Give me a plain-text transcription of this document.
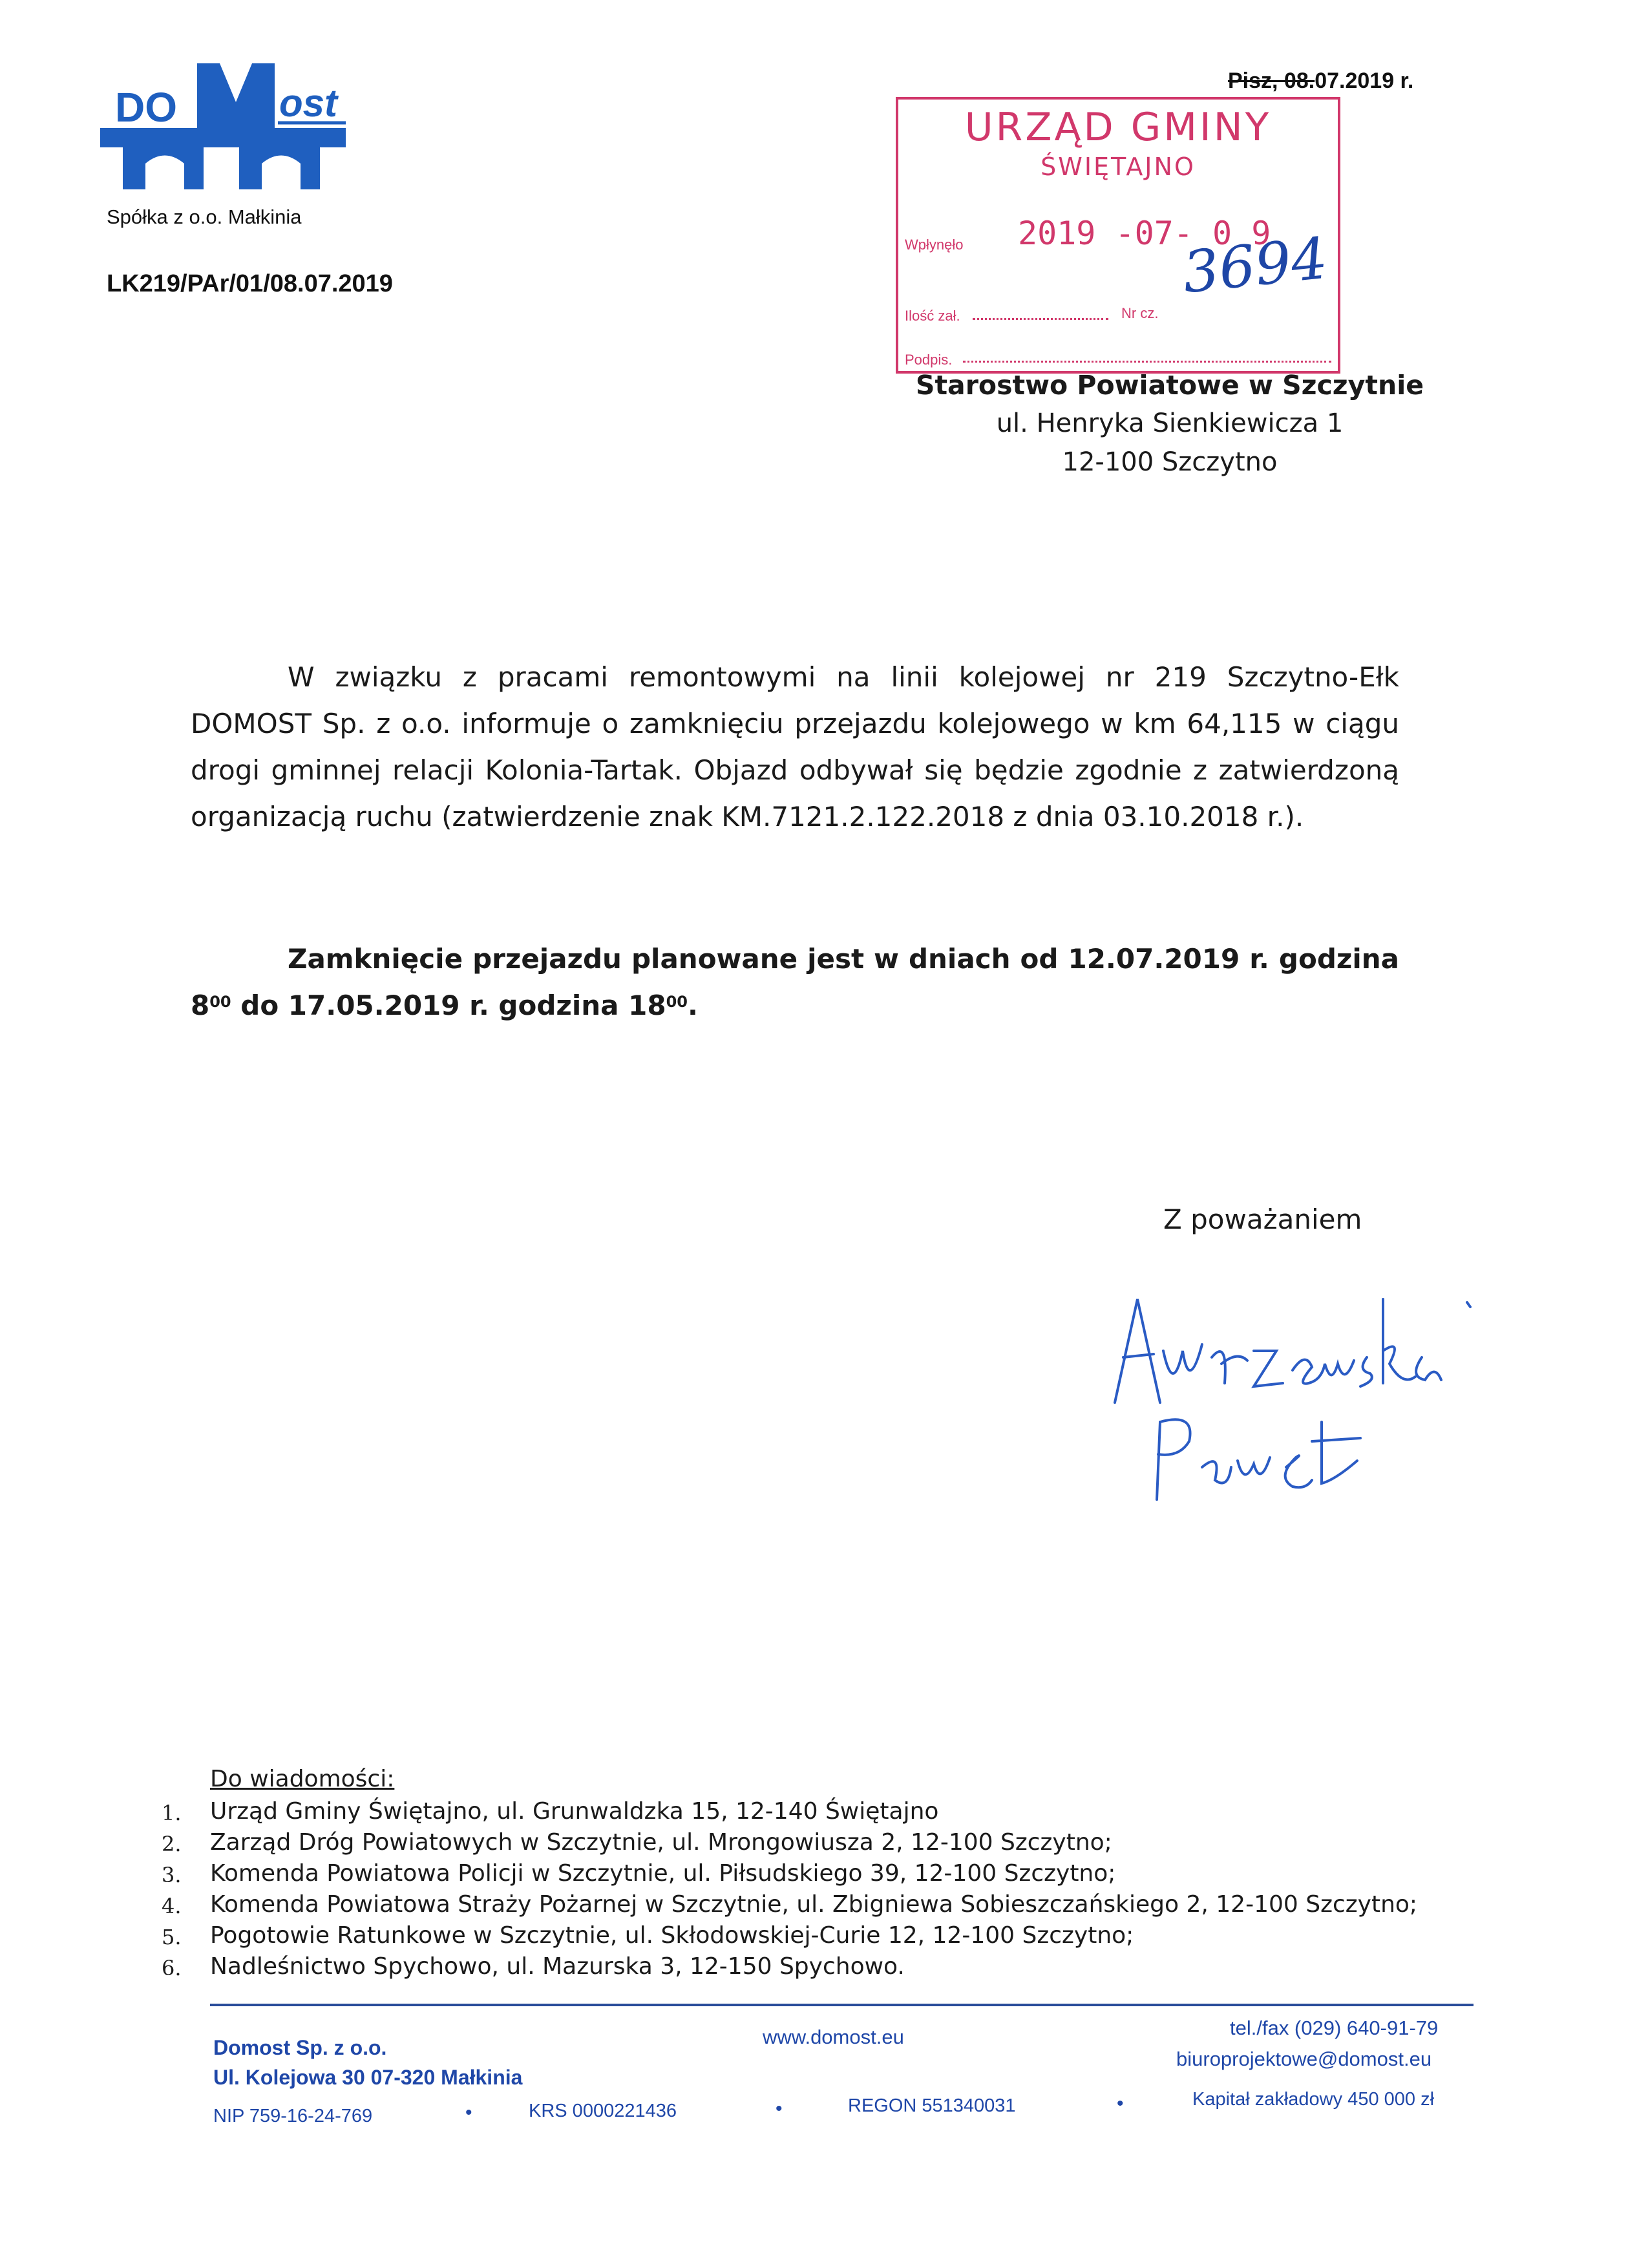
DO	ost
Spółka z o.o. Małkinia
LK219/PAr/01/08.07.2019
Pisz, 08.07.2019 r.
URZĄD GMINY
ŚWIĘTAJNO
Wpłynęło 2019 -07- 0 9
Ilość zał.	Nr cz.
Podpis.
3694
Starostwo Powiatowe w Szczytnie
ul. Henryka Sienkiewicza 1
12-100 Szczytno
W związku z pracami remontowymi na linii kolejowej nr 219 Szczytno-Ełk DOMOST Sp. z o.o. informuje o zamknięciu przejazdu kolejowego w km 64,115 w ciągu drogi gminnej relacji Kolonia-Tartak. Objazd odbywał się będzie zgodnie z zatwierdzoną organizacją ruchu (zatwierdzenie znak KM.7121.2.122.2018 z dnia 03.10.2018 r.).
Zamknięcie przejazdu planowane jest w dniach od 12.07.2019 r. godzina $8^{00}$ do 17.05.2019 r. godzina $18^{00}$.
Z poważaniem
Do wiadomości:
1. Urząd Gminy Świętajno, ul. Grunwaldzka 15, 12-140 Świętajno
2. Zarząd Dróg Powiatowych w Szczytnie, ul. Mrongowiusza 2, 12-100 Szczytno;
3. Komenda Powiatowa Policji w Szczytnie, ul. Piłsudskiego 39, 12-100 Szczytno;
4. Komenda Powiatowa Straży Pożarnej w Szczytnie, ul. Zbigniewa Sobieszczańskiego 2, 12-100 Szczytno;
5. Pogotowie Ratunkowe w Szczytnie, ul. Skłodowskiej-Curie 12, 12-100 Szczytno;
6. Nadleśnictwo Spychowo, ul. Mazurska 3, 12-150 Spychowo.
Domost Sp. z o.o.
Ul. Kolejowa 30 07-320 Małkinia
www.domost.eu	tel./fax (029) 640-91-79
biuroprojektowe@domost.eu
NIP 759-16-24-769	•	KRS 0000221436	•	REGON 551340031	•	Kapitał zakładowy 450 000 zł
